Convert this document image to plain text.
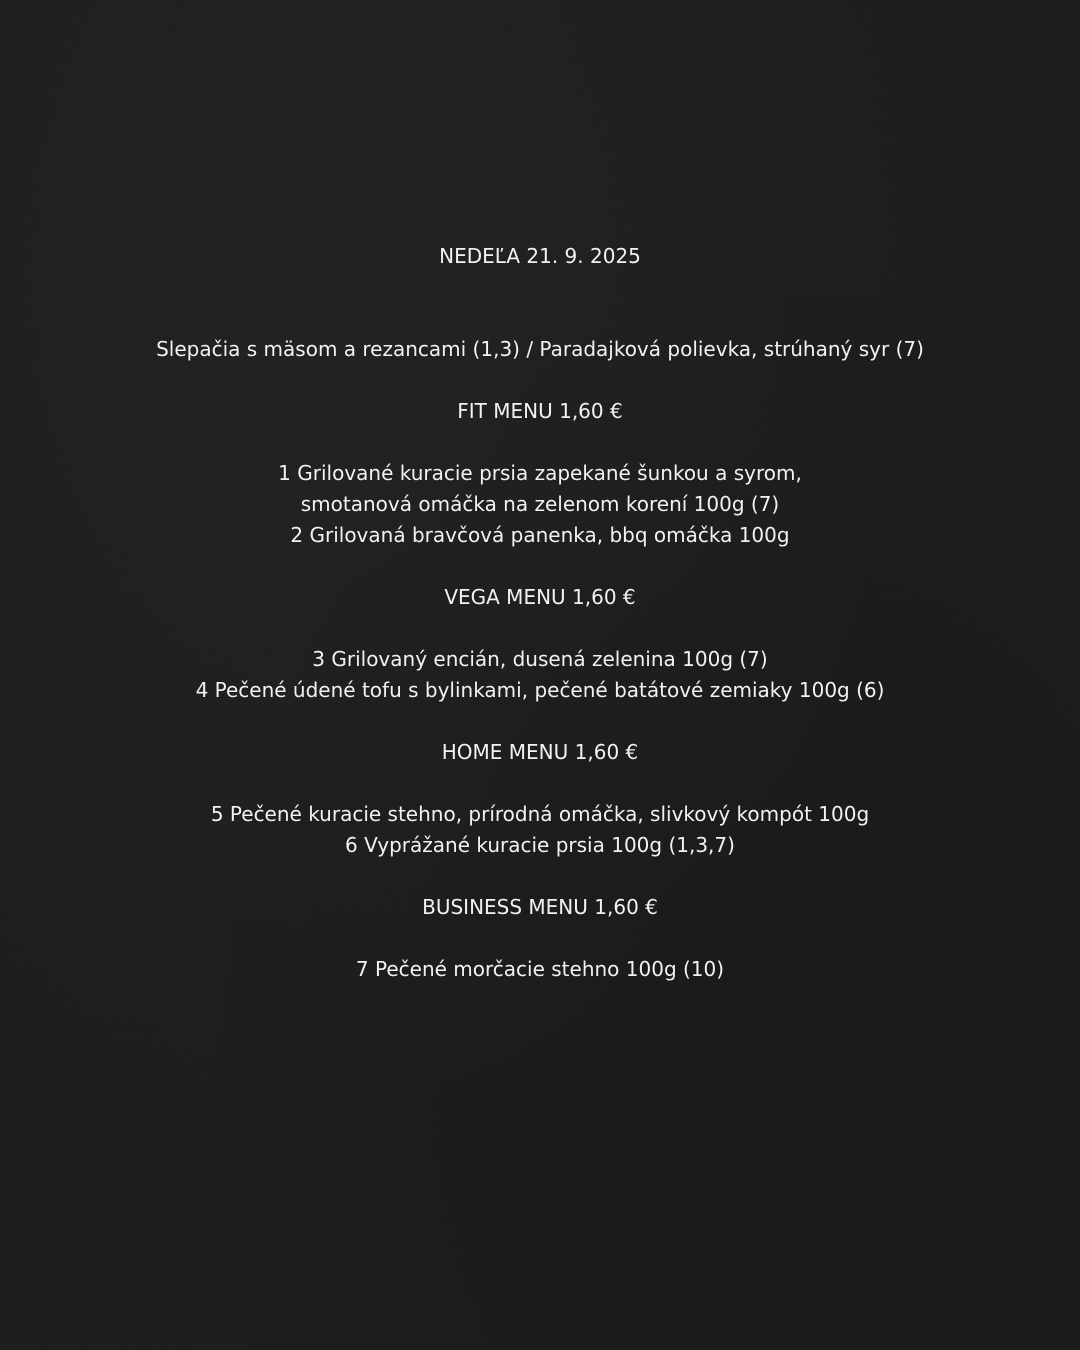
NEDEĽA 21. 9. 2025
Slepačia s mäsom a rezancami (1,3) / Paradajková polievka, strúhaný syr (7)
FIT MENU 1,60 €
1 Grilované kuracie prsia zapekané šunkou a syrom,
smotanová omáčka na zelenom korení 100g (7)
2 Grilovaná bravčová panenka, bbq omáčka 100g
VEGA MENU 1,60 €
3 Grilovaný encián, dusená zelenina 100g (7)
4 Pečené údené tofu s bylinkami, pečené batátové zemiaky 100g (6)
HOME MENU 1,60 €
5 Pečené kuracie stehno, prírodná omáčka, slivkový kompót 100g
6 Vyprážané kuracie prsia 100g (1,3,7)
BUSINESS MENU 1,60 €
7 Pečené morčacie stehno 100g (10)
